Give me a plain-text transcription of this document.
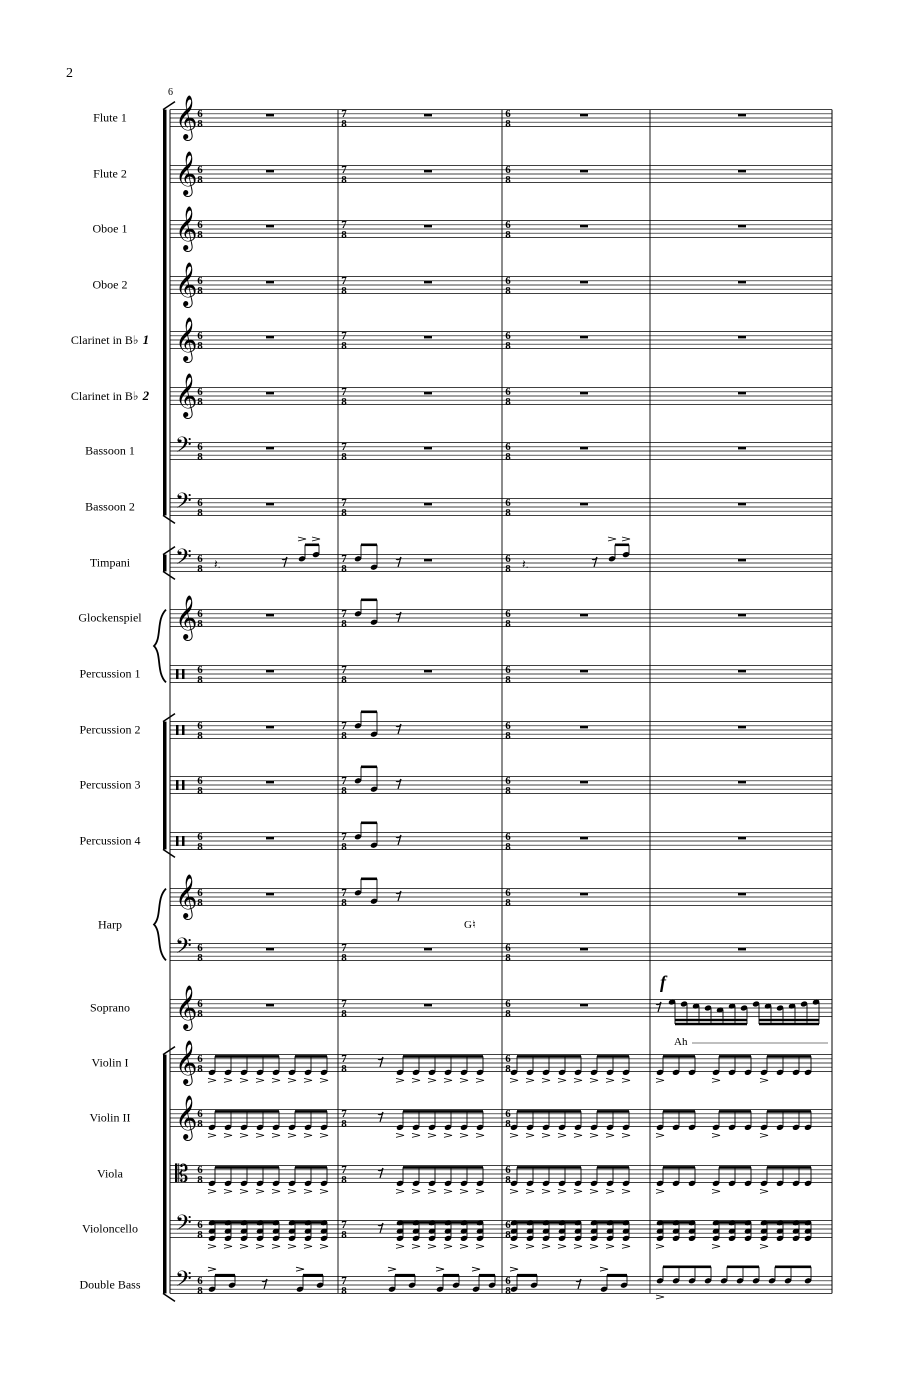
2
6
Flute 1
Flute 2
Oboe 1
Oboe 2
Clarinet in B♭ 1
Clarinet in B♭ 2
Bassoon 1
Bassoon 2
Timpani
Glockenspiel
Percussion 1
Percussion 2
Percussion 3
Percussion 4
Harp
Soprano
Violin I
Violin II
Viola
Violoncello
Double Bass
f
Ah
G♮
𝄞 6
8
7
8
6
8
𝄞 6
8
7
8
6
8
𝄞 6
8
7
8
6
8
𝄞 6
8
7
8
6
8
𝄞 6
8
7
8
6
8
𝄞 6
8
7
8
6
8
𝄢 6
8
7
8
6
8
𝄢 6
8
7
8
6
8
𝄢 6
8
7
8
6
8
𝄞 6
8
7
8
6
8
6
8
7
8
6
8
6
8
7
8
6
8
6
8
7
8
6
8
6
8
7
8
6
8
𝄞 6
8
7
8
6
8
𝄢 6
8
7
8
6
8
𝄞 6
8
7
8
6
8
𝄞 6
8
7
8
6
8
𝄞 6
8
7
8
6
8
𝄡 6
8
7
8
6
8
𝄢 6
8
7
8
6
8
𝄢 6
8
7
8
6
8
𝄽.	𝄽.
